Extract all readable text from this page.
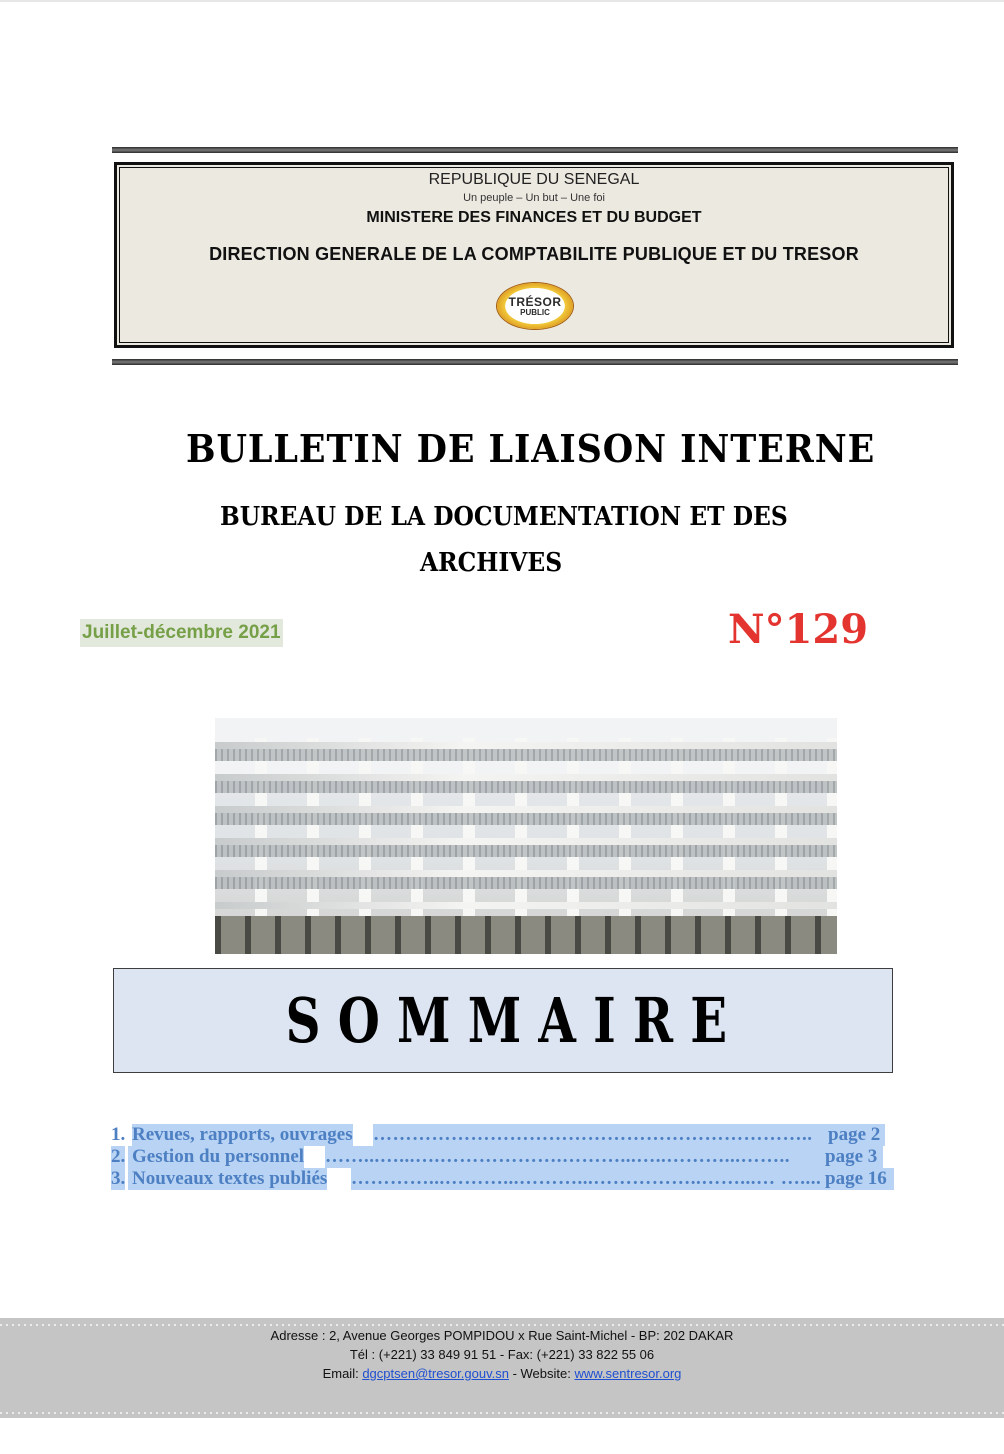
REPUBLIQUE DU SENEGAL
Un peuple – Un but – Une foi
MINISTERE DES FINANCES ET DU BUDGET
DIRECTION GENERALE DE LA COMPTABILITE PUBLIQUE ET DU TRESOR
TRÉSOR
PUBLIC
BULLETIN DE LIAISON INTERNE
BUREAU DE LA DOCUMENTATION ET DES
ARCHIVES
Juillet-décembre 2021	N°129
SOMMAIRE
1. Revues, rapports, ouvrages ………………………………………………………….. page 2
2. Gestion du personnel ……...…...….……………….………...…..………...……..	page 3
3. Nouveaux textes publiés …………...………...………...……………..……...… ….... page 16
Adresse : 2, Avenue Georges POMPIDOU x Rue Saint-Michel - BP: 202 DAKAR
Tél : (+221) 33 849 91 51 - Fax: (+221) 33 822 55 06
Email: dgcptsen@tresor.gouv.sn - Website: www.sentresor.org
